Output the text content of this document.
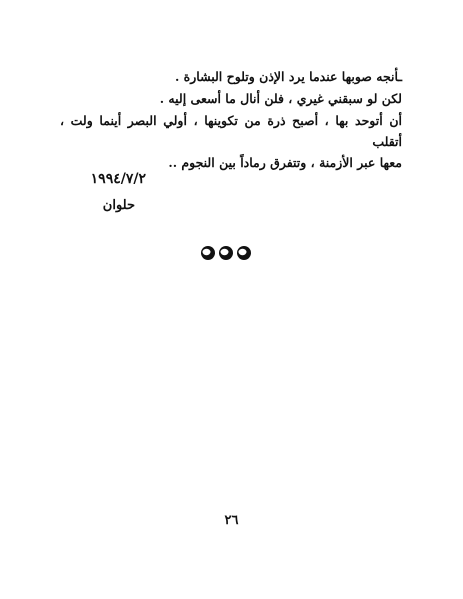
ـأنجه صوبها عندما يرد الإذن وتلوح البشارة .
لكن لو سبقني غيري ، فلن أنال ما أسعى إليه .
أن أتوحد بها ، أصبح ذرة من تكوينها ، أولي البصر أينما ولت ، أتقلب
معها عبر الأزمنة ، وتتفرق رماداً بين النجوم ..
١٩٩٤/٧/٢
حلوان
٢٦
